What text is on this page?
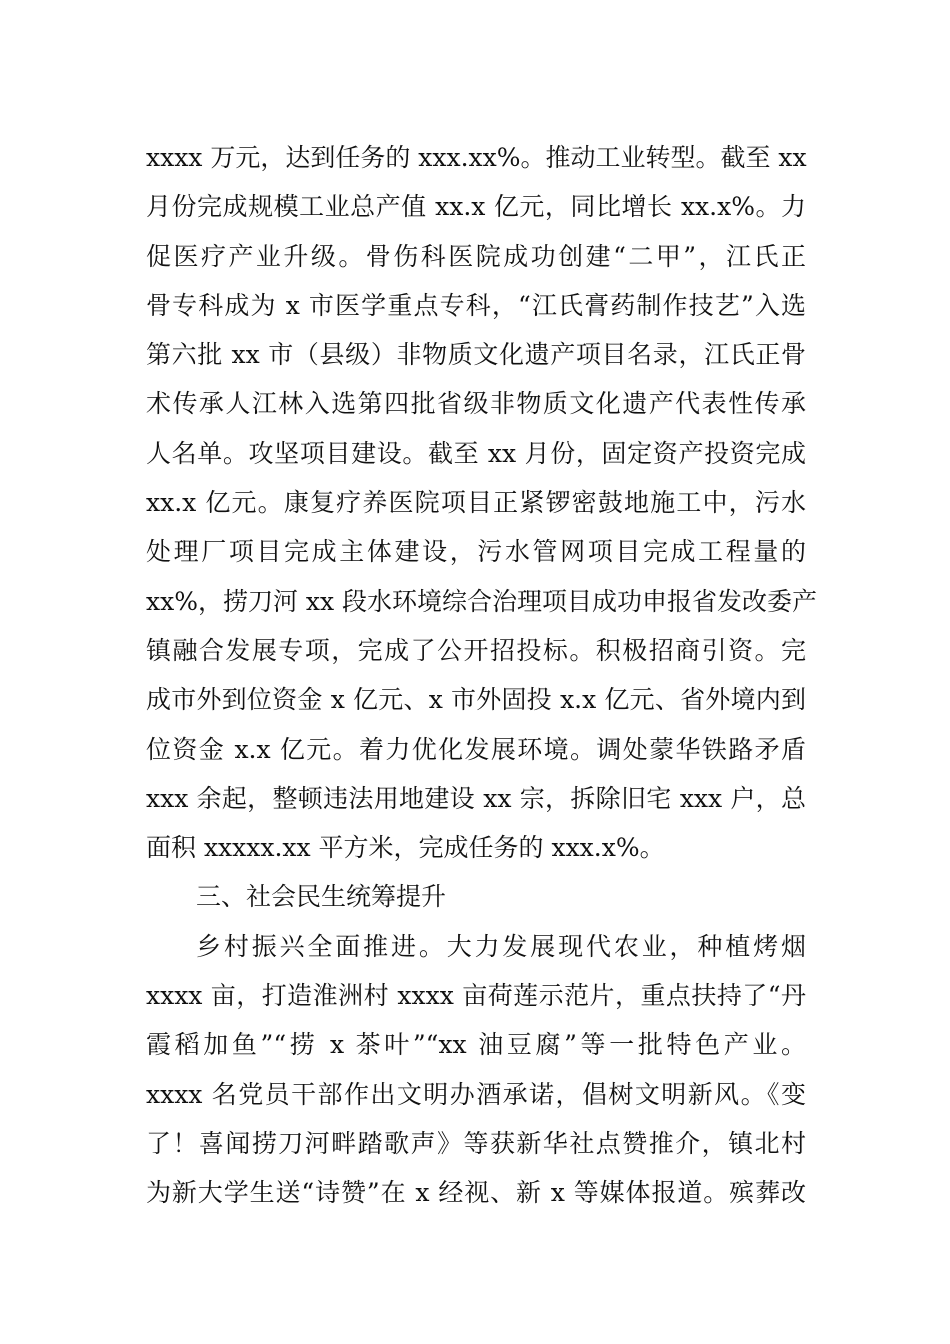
xxxx 万元，达到任务的 xxx.xx%。推动工业转型。截至 xx
月份完成规模工业总产值 xx.x 亿元，同比增长 xx.x%。力
促医疗产业升级。骨伤科医院成功创建“二甲”，江氏正
骨专科成为 x 市医学重点专科，“江氏膏药制作技艺”入选
第六批 xx 市（县级）非物质文化遗产项目名录，江氏正骨
术传承人江林入选第四批省级非物质文化遗产代表性传承
人名单。攻坚项目建设。截至 xx 月份，固定资产投资完成
xx.x 亿元。康复疗养医院项目正紧锣密鼓地施工中，污水
处理厂项目完成主体建设，污水管网项目完成工程量的
xx%，捞刀河 xx 段水环境综合治理项目成功申报省发改委产
镇融合发展专项，完成了公开招投标。积极招商引资。完
成市外到位资金 x 亿元、x 市外固投 x.x 亿元、省外境内到
位资金 x.x 亿元。着力优化发展环境。调处蒙华铁路矛盾
xxx 余起，整顿违法用地建设 xx 宗，拆除旧宅 xxx 户，总
面积 xxxxx.xx 平方米，完成任务的 xxx.x%。
三、社会民生统筹提升
乡村振兴全面推进。大力发展现代农业，种植烤烟
xxxx 亩，打造淮洲村 xxxx 亩荷莲示范片，重点扶持了“丹
霞稻加鱼”“捞 x 茶叶”“xx 油豆腐”等一批特色产业。
xxxx 名党员干部作出文明办酒承诺，倡树文明新风。《变
了！喜闻捞刀河畔踏歌声》等获新华社点赞推介，镇北村
为新大学生送“诗赞”在 x 经视、新 x 等媒体报道。殡葬改
